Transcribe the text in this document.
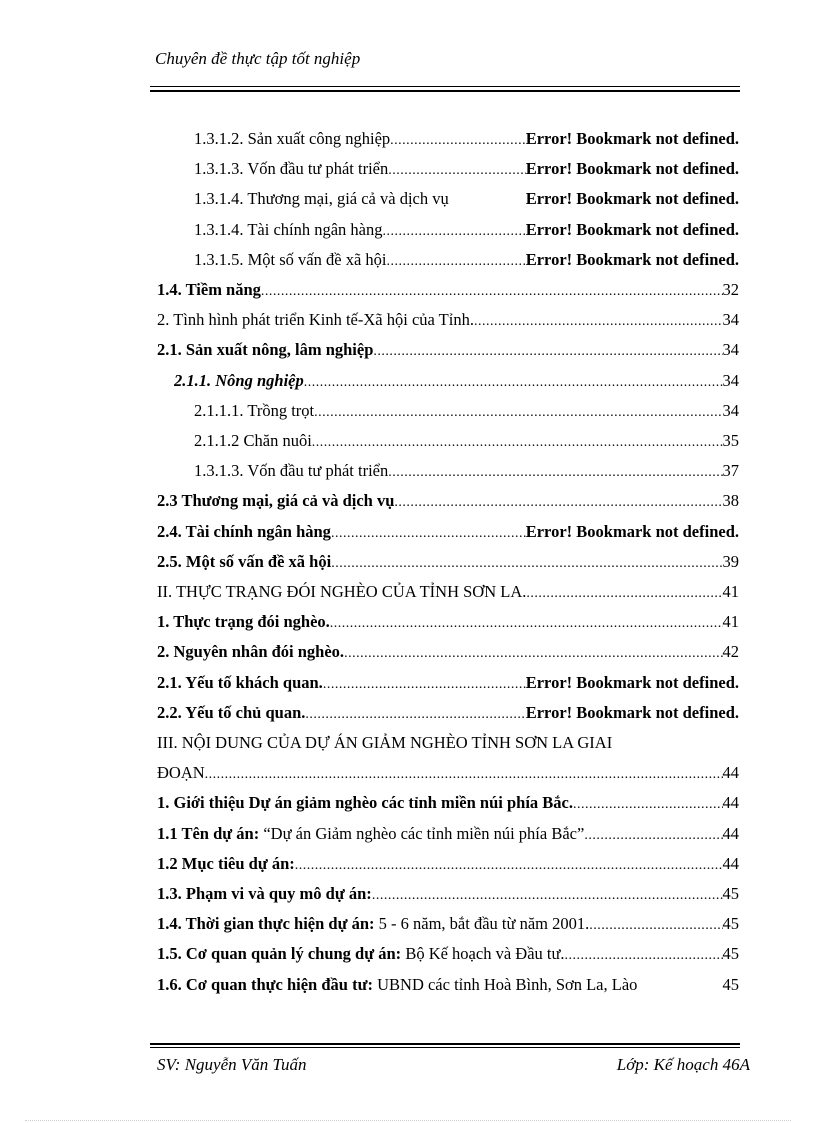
Chuyên đề thực tập tốt nghiệp
1.3.1.2. Sản xuất công nghiệp .....	Error! Bookmark not defined.
1.3.1.3. Vốn đầu tư phát triển .....	Error! Bookmark not defined.
1.3.1.4. Thương mại, giá cả và dịch vụ	Error! Bookmark not defined.
1.3.1.4. Tài chính ngân hàng .....	Error! Bookmark not defined.
1.3.1.5. Một số vấn đề xã hội .....	Error! Bookmark not defined.
1.4. Tiềm năng .....	32
2. Tình hình phát triển Kinh tế-Xã hội của Tỉnh. .....	34
2.1. Sản xuất nông, lâm nghiệp .....	34
2.1.1. Nông nghiệp .....	34
2.1.1.1. Trồng trọt .....	34
2.1.1.2 Chăn nuôi .....	35
1.3.1.3. Vốn đầu tư phát triển .....	37
2.3 Thương mại, giá cả và dịch vụ .....	38
2.4. Tài chính ngân hàng .....	Error! Bookmark not defined.
2.5. Một số vấn đề xã hội .....	39
II. THỰC TRẠNG ĐÓI NGHÈO CỦA TỈNH SƠN LA. .....	41
1. Thực trạng đói nghèo. .....	41
2. Nguyên nhân đói nghèo. .....	42
2.1. Yếu tố khách quan. .....	Error! Bookmark not defined.
2.2. Yếu tố chủ quan. .....	Error! Bookmark not defined.
III. NỘI DUNG CỦA DỰ ÁN GIẢM NGHÈO TỈNH SƠN LA GIAI
ĐOẠN .....	44
1. Giới thiệu Dự án giảm nghèo các tỉnh miền núi phía Bắc. .....	44
1.1 Tên dự án: “Dự án Giảm nghèo các tỉnh miền núi phía Bắc” .....	44
1.2 Mục tiêu dự án: .....	44
1.3. Phạm vi và quy mô dự án: .....	45
1.4. Thời gian thực hiện dự án: 5 - 6 năm, bắt đầu từ năm 2001. .....	45
1.5. Cơ quan quản lý chung dự án: Bộ Kế hoạch và Đầu tư. .....	45
1.6. Cơ quan thực hiện đầu tư: UBND các tỉnh Hoà Bình, Sơn La, Lào	45
SV: Nguyễn Văn Tuấn	Lớp: Kế hoạch 46A
